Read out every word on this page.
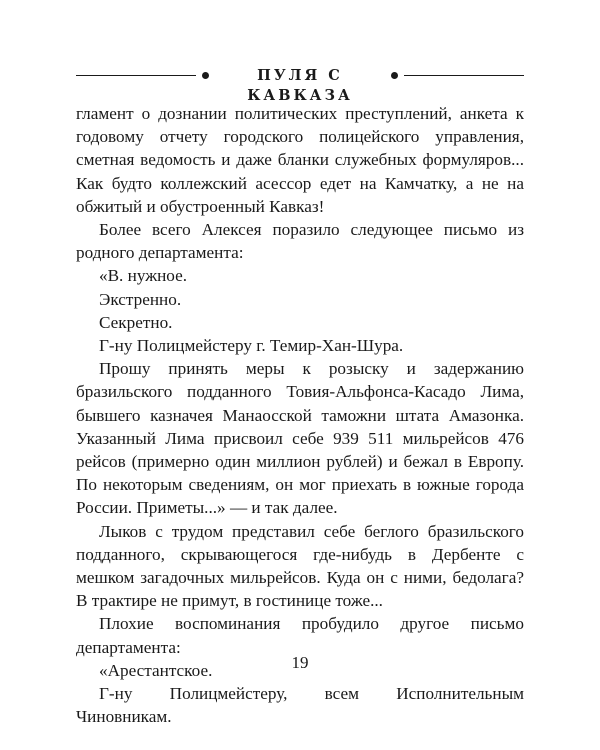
ПУЛЯ С КАВКАЗА

гламент о дознании политических преступлений, анкета к годовому отчету городского полицейского управления, сметная ведомость и даже бланки служебных формуляров... Как будто коллежский асессор едет на Камчатку, а не на обжитый и обустроенный Кавказ!

Более всего Алексея поразило следующее письмо из родного департамента:

«В. нужное.

Экстренно.

Секретно.

Г-ну Полицмейстеру г. Темир-Хан-Шура.

Прошу принять меры к розыску и задержанию бразильского подданного Товия-Альфонса-Касадо Лима, бывшего казначея Манаосской таможни штата Амазонка. Указанный Лима присвоил себе 939 511 мильрейсов 476 рейсов (примерно один миллион рублей) и бежал в Европу. По некоторым сведениям, он мог приехать в южные города России. Приметы...» — и так далее.

Лыков с трудом представил себе беглого бразильского подданного, скрывающегося где-нибудь в Дербенте с мешком загадочных мильрейсов. Куда он с ними, бедолага? В трактире не примут, в гостинице тоже...

Плохие воспоминания пробудило другое письмо департамента:

«Арестантское.

Г-ну Полицмейстеру, всем Исполнительным Чиновникам.

19
